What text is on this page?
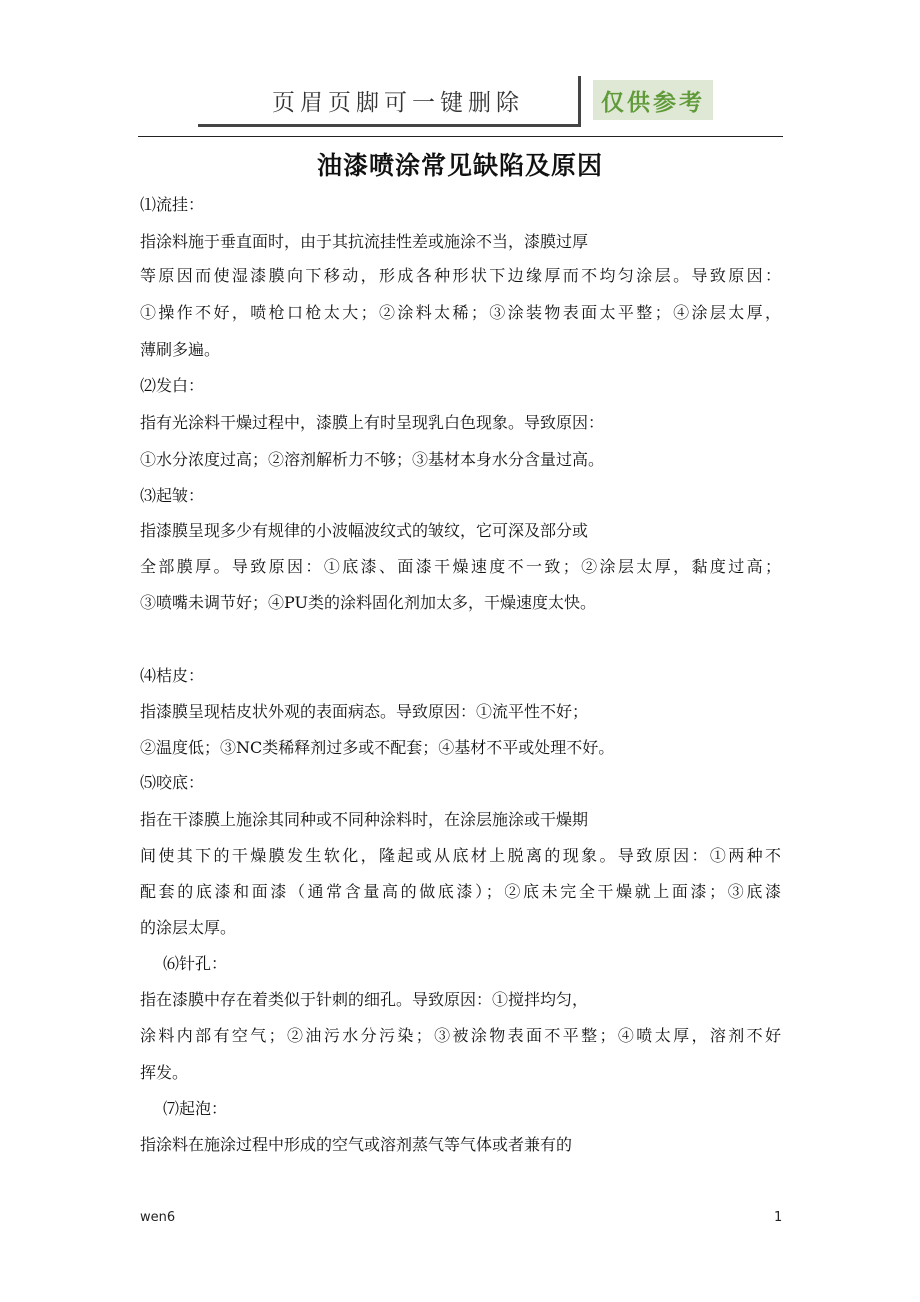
页眉页脚可一键删除	仅供参考
油漆喷涂常见缺陷及原因
⑴流挂：
指涂料施于垂直面时，由于其抗流挂性差或施涂不当，漆膜过厚
等原因而使湿漆膜向下移动，形成各种形状下边缘厚而不均匀涂层。导致原因：
①操作不好，喷枪口枪太大；②涂料太稀；③涂装物表面太平整；④涂层太厚，
薄刷多遍。
⑵发白：
指有光涂料干燥过程中，漆膜上有时呈现乳白色现象。导致原因：
①水分浓度过高；②溶剂解析力不够；③基材本身水分含量过高。
⑶起皱：
指漆膜呈现多少有规律的小波幅波纹式的皱纹，它可深及部分或
全部膜厚。导致原因：①底漆、面漆干燥速度不一致；②涂层太厚，黏度过高；
③喷嘴未调节好；④PU类的涂料固化剂加太多，干燥速度太快。
⑷桔皮：
指漆膜呈现桔皮状外观的表面病态。导致原因：①流平性不好；
②温度低；③NC类稀释剂过多或不配套；④基材不平或处理不好。
⑸咬底：
指在干漆膜上施涂其同种或不同种涂料时，在涂层施涂或干燥期
间使其下的干燥膜发生软化，隆起或从底材上脱离的现象。导致原因：①两种不
配套的底漆和面漆（通常含量高的做底漆）；②底未完全干燥就上面漆；③底漆
的涂层太厚。
⑹针孔：
指在漆膜中存在着类似于针刺的细孔。导致原因：①搅拌均匀，
涂料内部有空气；②油污水分污染；③被涂物表面不平整；④喷太厚，溶剂不好
挥发。
⑺起泡：
指涂料在施涂过程中形成的空气或溶剂蒸气等气体或者兼有的
wen6	1
